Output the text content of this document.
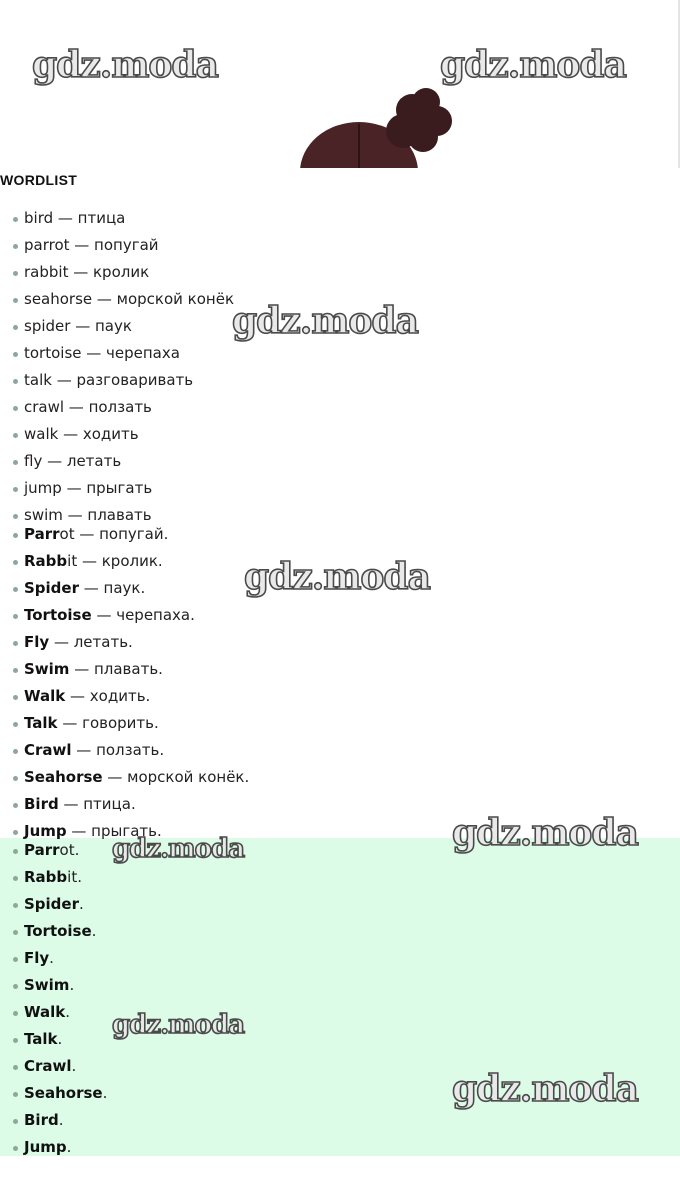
WORDLIST
bird — птица
parrot — попугай
rabbit — кролик
seahorse — морской конёк
spider — паук
tortoise — черепаха
talk — разговаривать
crawl — ползать
walk — ходить
fly — летать
jump — прыгать
swim — плавать
Parrot — попугай.
Rabbit — кролик.
Spider — паук.
Tortoise — черепаха.
Fly — летать.
Swim — плавать.
Walk — ходить.
Talk — говорить.
Crawl — ползать.
Seahorse — морской конёк.
Bird — птица.
Jump — прыгать.
Parrot.
Rabbit.
Spider.
Tortoise.
Fly.
Swim.
Walk.
Talk.
Crawl.
Seahorse.
Bird.
Jump.
gdz.moda	gdz.moda
gdz.moda
gdz.moda
gdz.moda
gdz.moda
gdz.moda
gdz.moda
